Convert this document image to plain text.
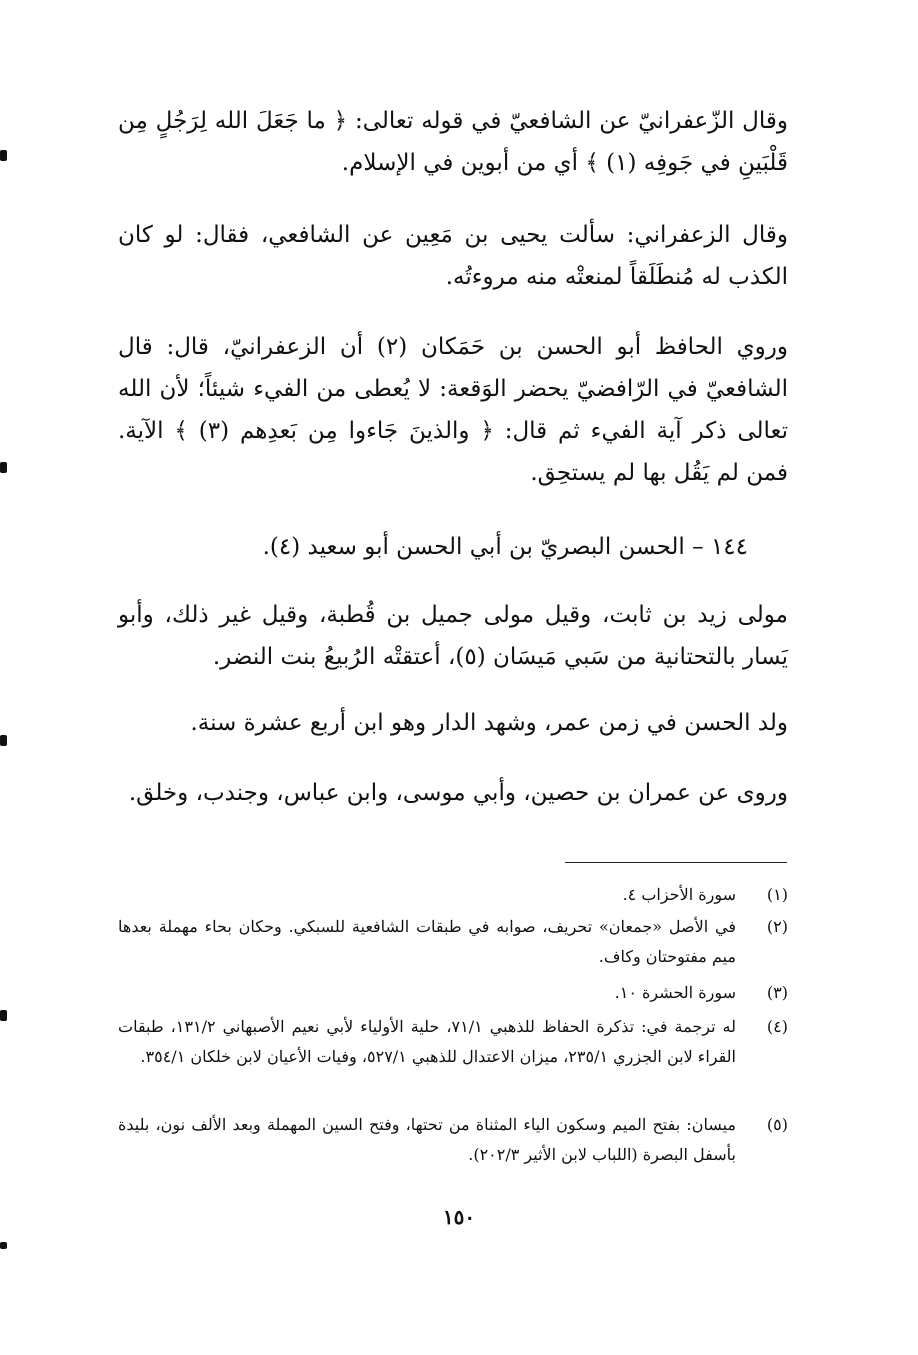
وقال الزّعفرانيّ عن الشافعيّ في قوله تعالى: ﴿ ما جَعَلَ الله لِرَجُلٍ مِن قَلْبَينِ في جَوفِه (١) ﴾ أي من أبوين في الإسلام.
وقال الزعفراني: سألت يحيى بن مَعِين عن الشافعي، فقال: لو كان الكذب له مُنطَلَقاً لمنعتْه منه مروءتُه.
وروي الحافظ أبو الحسن بن حَمَكان (٢) أن الزعفرانيّ، قال: قال الشافعيّ في الرّافضيّ يحضر الوَقعة: لا يُعطى من الفيء شيئاً؛ لأن الله تعالى ذكر آية الفيء ثم قال: ﴿ والذينَ جَاءوا مِن بَعدِهم (٣) ﴾ الآية. فمن لم يَقُل بها لم يستحِق.
١٤٤ – الحسن البصريّ بن أبي الحسن أبو سعيد (٤).
مولى زيد بن ثابت، وقيل مولى جميل بن قُطبة، وقيل غير ذلك، وأبو يَسار بالتحتانية من سَبي مَيسَان (٥)، أعتقتْه الرُبيعُ بنت النضر.
ولد الحسن في زمن عمر، وشهد الدار وهو ابن أربع عشرة سنة.
وروى عن عمران بن حصين، وأبي موسى، وابن عباس، وجندب، وخلق.
(١)
سورة الأحزاب ٤.
(٢)
في الأصل «جمعان» تحريف، صوابه في طبقات الشافعية للسبكي. وحكان بحاء مهملة بعدها ميم مفتوحتان وكاف.
(٣)
سورة الحشرة ١٠.
(٤)
له ترجمة في: تذكرة الحفاظ للذهبي ٧١/١، حلية الأولياء لأبي نعيم الأصبهاني ١٣١/٢، طبقات القراء لابن الجزري ٢٣٥/١، ميزان الاعتدال للذهبي ٥٢٧/١، وفيات الأعيان لابن خلكان ٣٥٤/١.
(٥)
ميسان: بفتح الميم وسكون الياء المثناة من تحتها، وفتح السين المهملة وبعد الألف نون، بليدة بأسفل البصرة (اللباب لابن الأثير ٢٠٢/٣).
١٥٠
